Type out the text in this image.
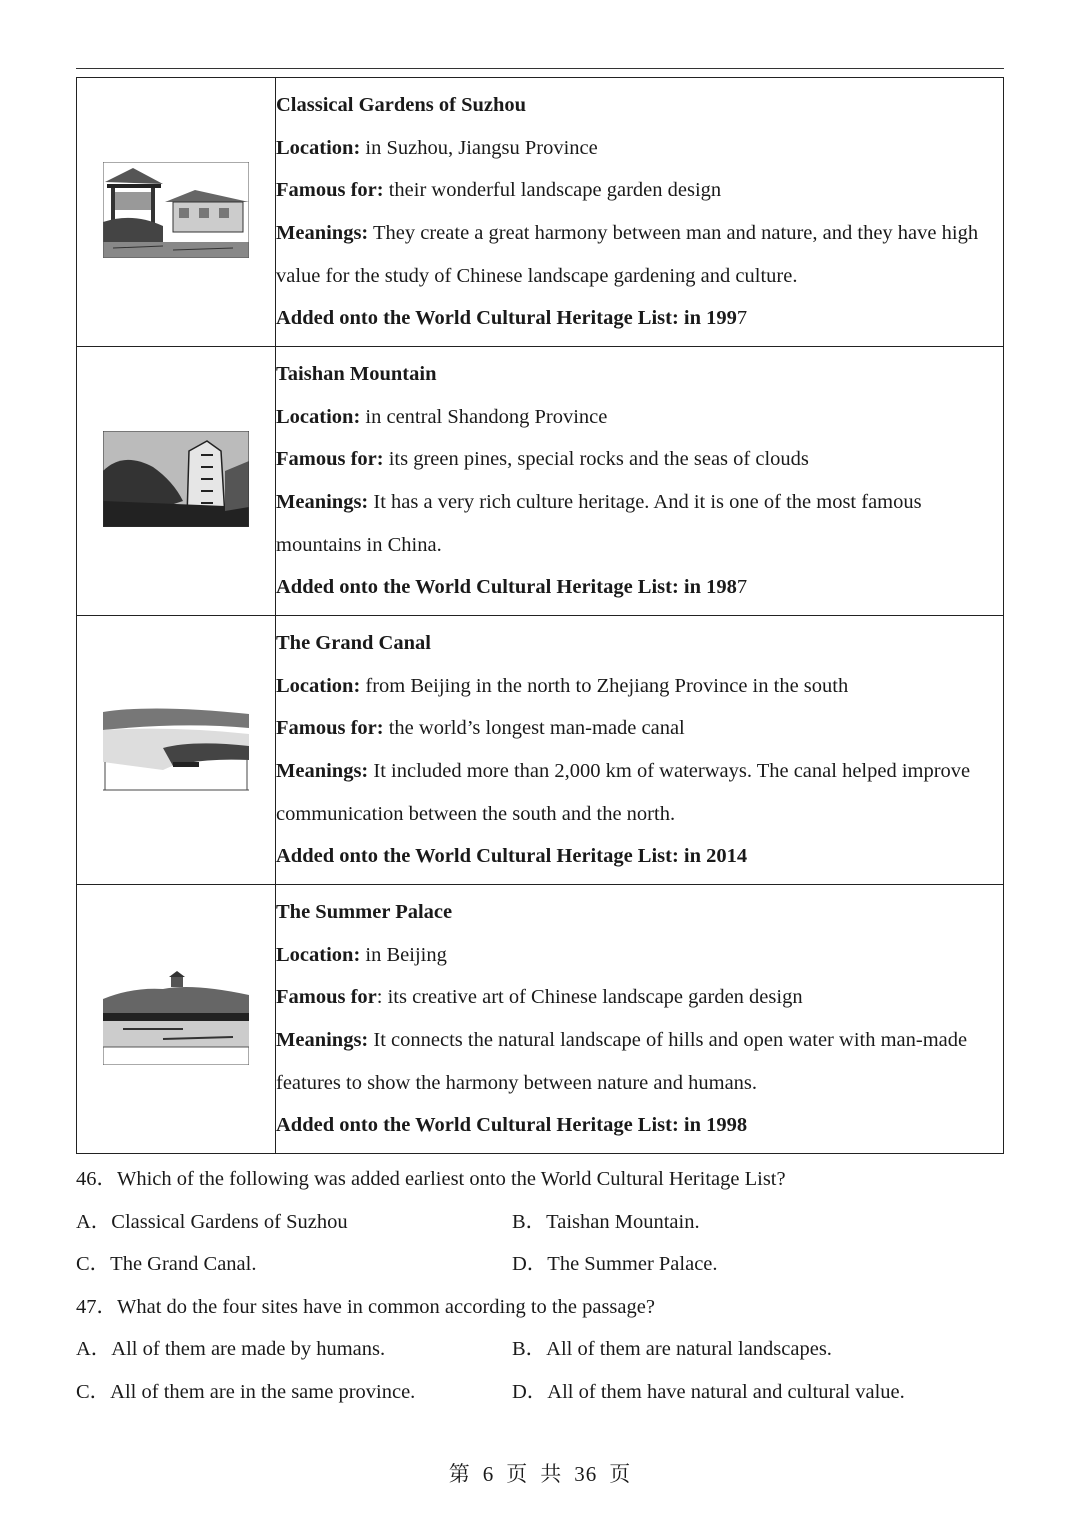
Classical Gardens of Suzhou
Location: in Suzhou, Jiangsu Province
Famous for: their wonderful landscape garden design
Meanings: They create a great harmony between man and nature, and they have high value for the study of Chinese landscape gardening and culture.
Added onto the World Cultural Heritage List: in 1997

Taishan Mountain
Location: in central Shandong Province
Famous for: its green pines, special rocks and the seas of clouds
Meanings: It has a very rich culture heritage. And it is one of the most famous mountains in China.
Added onto the World Cultural Heritage List: in 1987

The Grand Canal
Location: from Beijing in the north to Zhejiang Province in the south
Famous for: the world’s longest man-made canal
Meanings: It included more than 2,000 km of waterways. The canal helped improve communication between the south and the north.
Added onto the World Cultural Heritage List: in 2014

The Summer Palace
Location: in Beijing
Famous for: its creative art of Chinese landscape garden design
Meanings: It connects the natural landscape of hills and open water with man-made features to show the harmony between nature and humans.
Added onto the World Cultural Heritage List: in 1998
46．Which of the following was added earliest onto the World Cultural Heritage List?
A．Classical Gardens of Suzhou	B．Taishan Mountain.
C．The Grand Canal.	D．The Summer Palace.
47．What do the four sites have in common according to the passage?
A．All of them are made by humans.	B．All of them are natural landscapes.
C．All of them are in the same province.	D．All of them have natural and cultural value.
第 6 页 共 36 页
